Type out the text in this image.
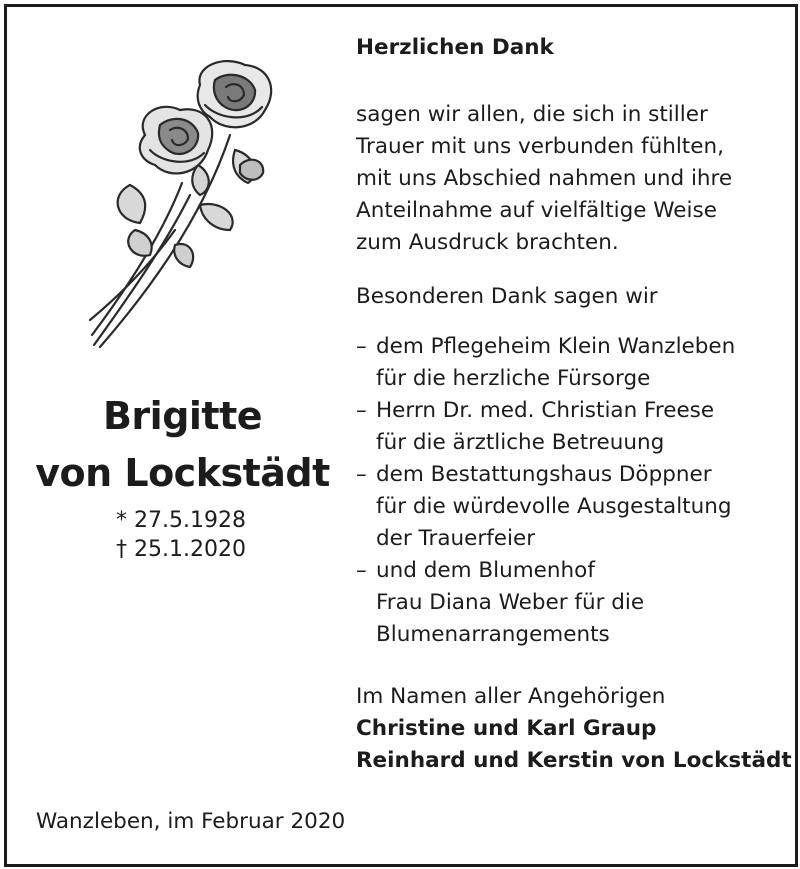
Brigitte
von Lockstädt
* 27.5.1928
† 25.1.2020
Herzlichen Dank
sagen wir allen, die sich in stiller
Trauer mit uns verbunden fühlten,
mit uns Abschied nahmen und ihre
Anteilnahme auf vielfältige Weise
zum Ausdruck brachten.
Besonderen Dank sagen wir
– dem Pflegeheim Klein Wanzleben
für die herzliche Fürsorge
– Herrn Dr. med. Christian Freese
für die ärztliche Betreuung
– dem Bestattungshaus Döppner
für die würdevolle Ausgestaltung
der Trauerfeier
– und dem Blumenhof
Frau Diana Weber für die
Blumenarrangements
Im Namen aller Angehörigen
Christine und Karl Graup
Reinhard und Kerstin von Lockstädt
Wanzleben, im Februar 2020
